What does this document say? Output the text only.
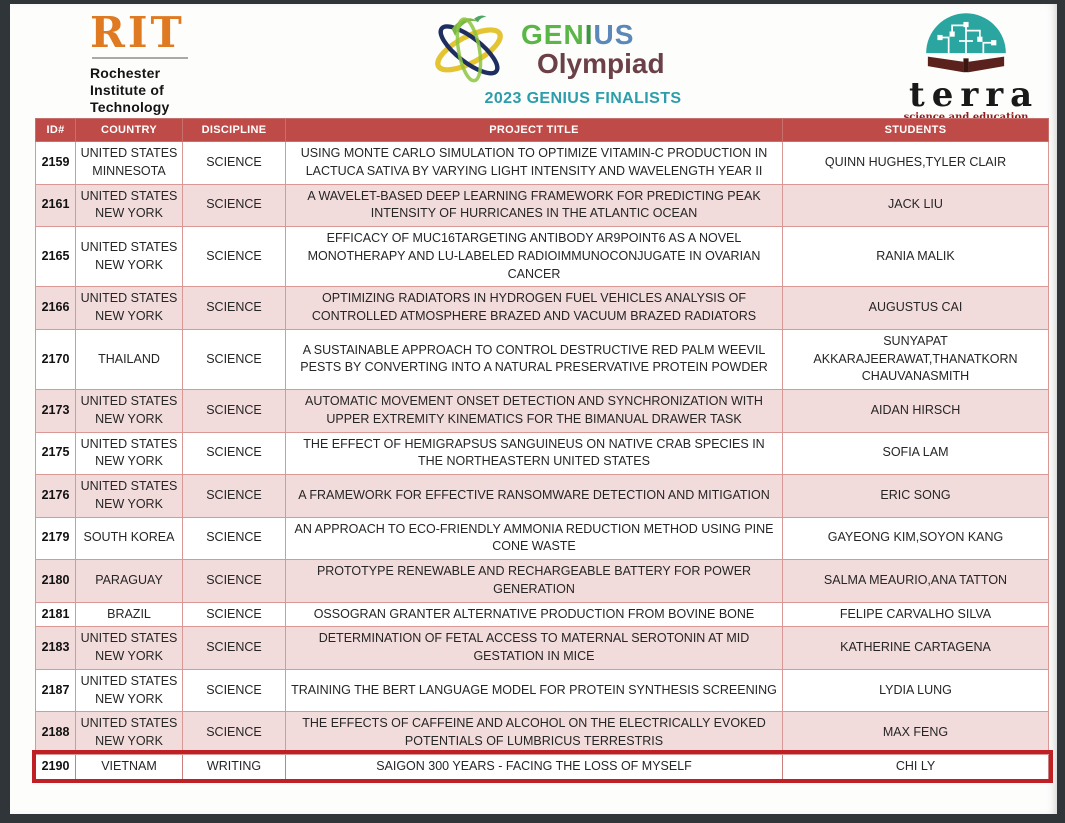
RIT
Rochester
Institute of
Technology
GENIUS
Olympiad
2023 GENIUS FINALISTS	terra
ID#	COUNTRY	DISCIPLINE	PROJECT TITLE	STUDENTS
2159	UNITED STATES MINNESOTA	SCIENCE	USING MONTE CARLO SIMULATION TO OPTIMIZE VITAMIN-C PRODUCTION IN LACTUCA SATIVA BY VARYING LIGHT INTENSITY AND WAVELENGTH YEAR II	QUINN HUGHES,TYLER CLAIR
2161	UNITED STATES NEW YORK	SCIENCE	A WAVELET-BASED DEEP LEARNING FRAMEWORK FOR PREDICTING PEAK INTENSITY OF HURRICANES IN THE ATLANTIC OCEAN	JACK LIU
2165	UNITED STATES NEW YORK	SCIENCE	EFFICACY OF MUC16TARGETING ANTIBODY AR9POINT6 AS A NOVEL MONOTHERAPY AND LU-LABELED RADIOIMMUNOCONJUGATE IN OVARIAN CANCER	RANIA MALIK
2166	UNITED STATES NEW YORK	SCIENCE	OPTIMIZING RADIATORS IN HYDROGEN FUEL VEHICLES ANALYSIS OF CONTROLLED ATMOSPHERE BRAZED AND VACUUM BRAZED RADIATORS	AUGUSTUS CAI
2170	THAILAND	SCIENCE	A SUSTAINABLE APPROACH TO CONTROL DESTRUCTIVE RED PALM WEEVIL PESTS BY CONVERTING INTO A NATURAL PRESERVATIVE PROTEIN POWDER	SUNYAPAT AKKARAJEERAWAT,THANATKORN CHAUVANASMITH
2173	UNITED STATES NEW YORK	SCIENCE	AUTOMATIC MOVEMENT ONSET DETECTION AND SYNCHRONIZATION WITH UPPER EXTREMITY KINEMATICS FOR THE BIMANUAL DRAWER TASK	AIDAN HIRSCH
2175	UNITED STATES NEW YORK	SCIENCE	THE EFFECT OF HEMIGRAPSUS SANGUINEUS ON NATIVE CRAB SPECIES IN THE NORTHEASTERN UNITED STATES	SOFIA LAM
2176	UNITED STATES NEW YORK	SCIENCE	A FRAMEWORK FOR EFFECTIVE RANSOMWARE DETECTION AND MITIGATION	ERIC SONG
2179	SOUTH KOREA	SCIENCE	AN APPROACH TO ECO-FRIENDLY AMMONIA REDUCTION METHOD USING PINE CONE WASTE	GAYEONG KIM,SOYON KANG
2180	PARAGUAY	SCIENCE	PROTOTYPE RENEWABLE AND RECHARGEABLE BATTERY FOR POWER GENERATION	SALMA MEAURIO,ANA TATTON
2181	BRAZIL	SCIENCE	OSSOGRAN GRANTER ALTERNATIVE PRODUCTION FROM BOVINE BONE	FELIPE CARVALHO SILVA
2183	UNITED STATES NEW YORK	SCIENCE	DETERMINATION OF FETAL ACCESS TO MATERNAL SEROTONIN AT MID GESTATION IN MICE	KATHERINE CARTAGENA
2187	UNITED STATES NEW YORK	SCIENCE	TRAINING THE BERT LANGUAGE MODEL FOR PROTEIN SYNTHESIS SCREENING	LYDIA LUNG
2188	UNITED STATES NEW YORK	SCIENCE	THE EFFECTS OF CAFFEINE AND ALCOHOL ON THE ELECTRICALLY EVOKED POTENTIALS OF LUMBRICUS TERRESTRIS	MAX FENG
2190	VIETNAM	WRITING	SAIGON 300 YEARS - FACING THE LOSS OF MYSELF	CHI LY
